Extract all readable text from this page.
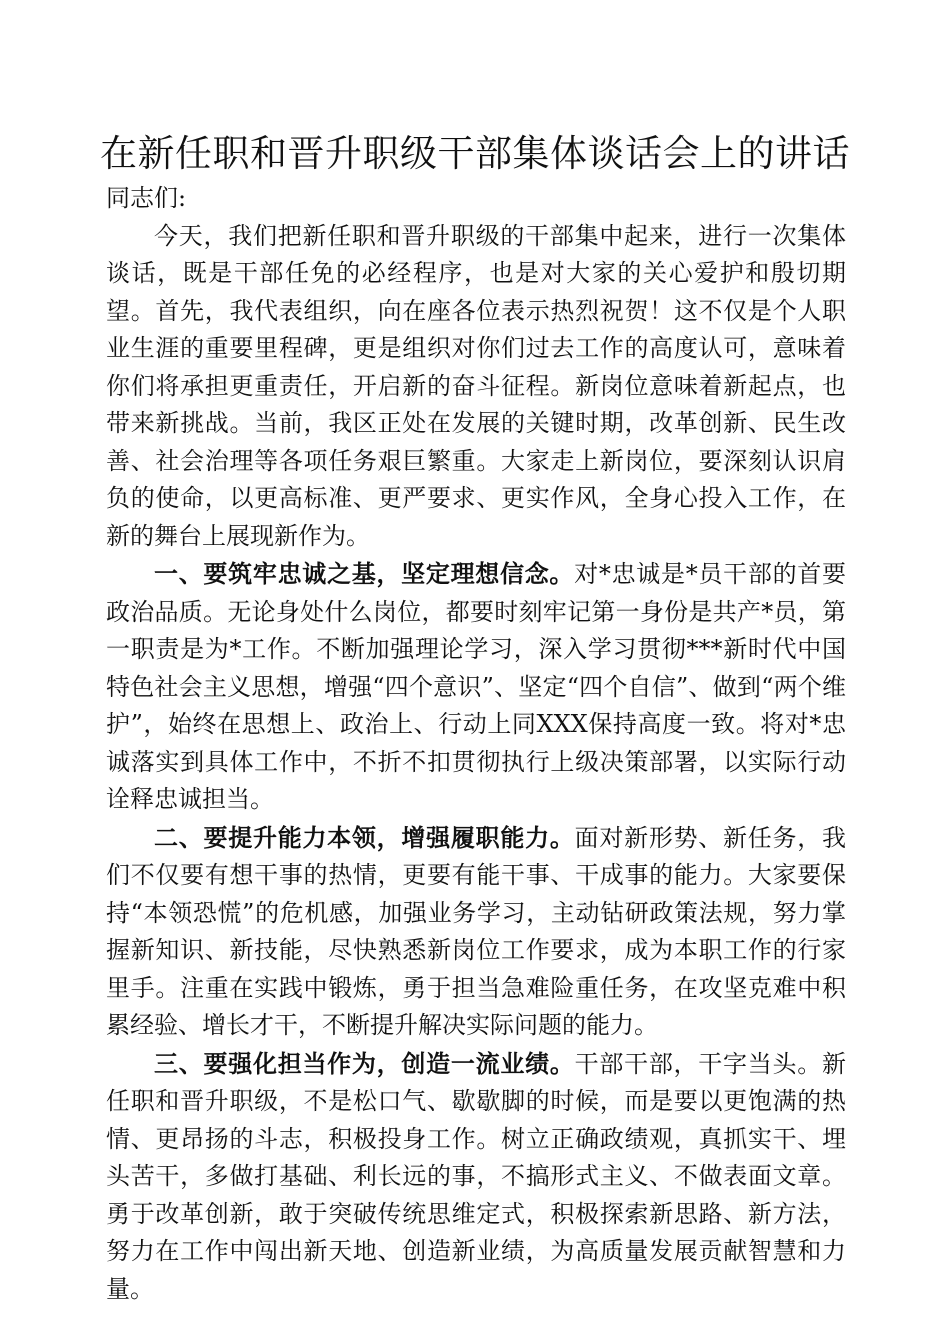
在新任职和晋升职级干部集体谈话会上的讲话

同志们:

今天，我们把新任职和晋升职级的干部集中起来，进行一次集体谈话，既是干部任免的必经程序，也是对大家的关心爱护和殷切期望。首先，我代表组织，向在座各位表示热烈祝贺！这不仅是个人职业生涯的重要里程碑，更是组织对你们过去工作的高度认可，意味着你们将承担更重责任，开启新的奋斗征程。新岗位意味着新起点，也带来新挑战。当前，我区正处在发展的关键时期，改革创新、民生改善、社会治理等各项任务艰巨繁重。大家走上新岗位，要深刻认识肩负的使命，以更高标准、更严要求、更实作风，全身心投入工作，在新的舞台上展现新作为。

一、要筑牢忠诚之基，坚定理想信念。对*忠诚是*员干部的首要政治品质。无论身处什么岗位，都要时刻牢记第一身份是共产*员，第一职责是为*工作。不断加强理论学习，深入学习贯彻***新时代中国特色社会主义思想，增强“四个意识”、坚定“四个自信”、做到“两个维护”，始终在思想上、政治上、行动上同XXX保持高度一致。将对*忠诚落实到具体工作中，不折不扣贯彻执行上级决策部署，以实际行动诠释忠诚担当。

二、要提升能力本领，增强履职能力。面对新形势、新任务，我们不仅要有想干事的热情，更要有能干事、干成事的能力。大家要保持“本领恐慌”的危机感，加强业务学习，主动钻研政策法规，努力掌握新知识、新技能，尽快熟悉新岗位工作要求，成为本职工作的行家里手。注重在实践中锻炼，勇于担当急难险重任务，在攻坚克难中积累经验、增长才干，不断提升解决实际问题的能力。

三、要强化担当作为，创造一流业绩。干部干部，干字当头。新任职和晋升职级，不是松口气、歇歇脚的时候，而是要以更饱满的热情、更昂扬的斗志，积极投身工作。树立正确政绩观，真抓实干、埋头苦干，多做打基础、利长远的事，不搞形式主义、不做表面文章。勇于改革创新，敢于突破传统思维定式，积极探索新思路、新方法，努力在工作中闯出新天地、创造新业绩，为高质量发展贡献智慧和力量。
